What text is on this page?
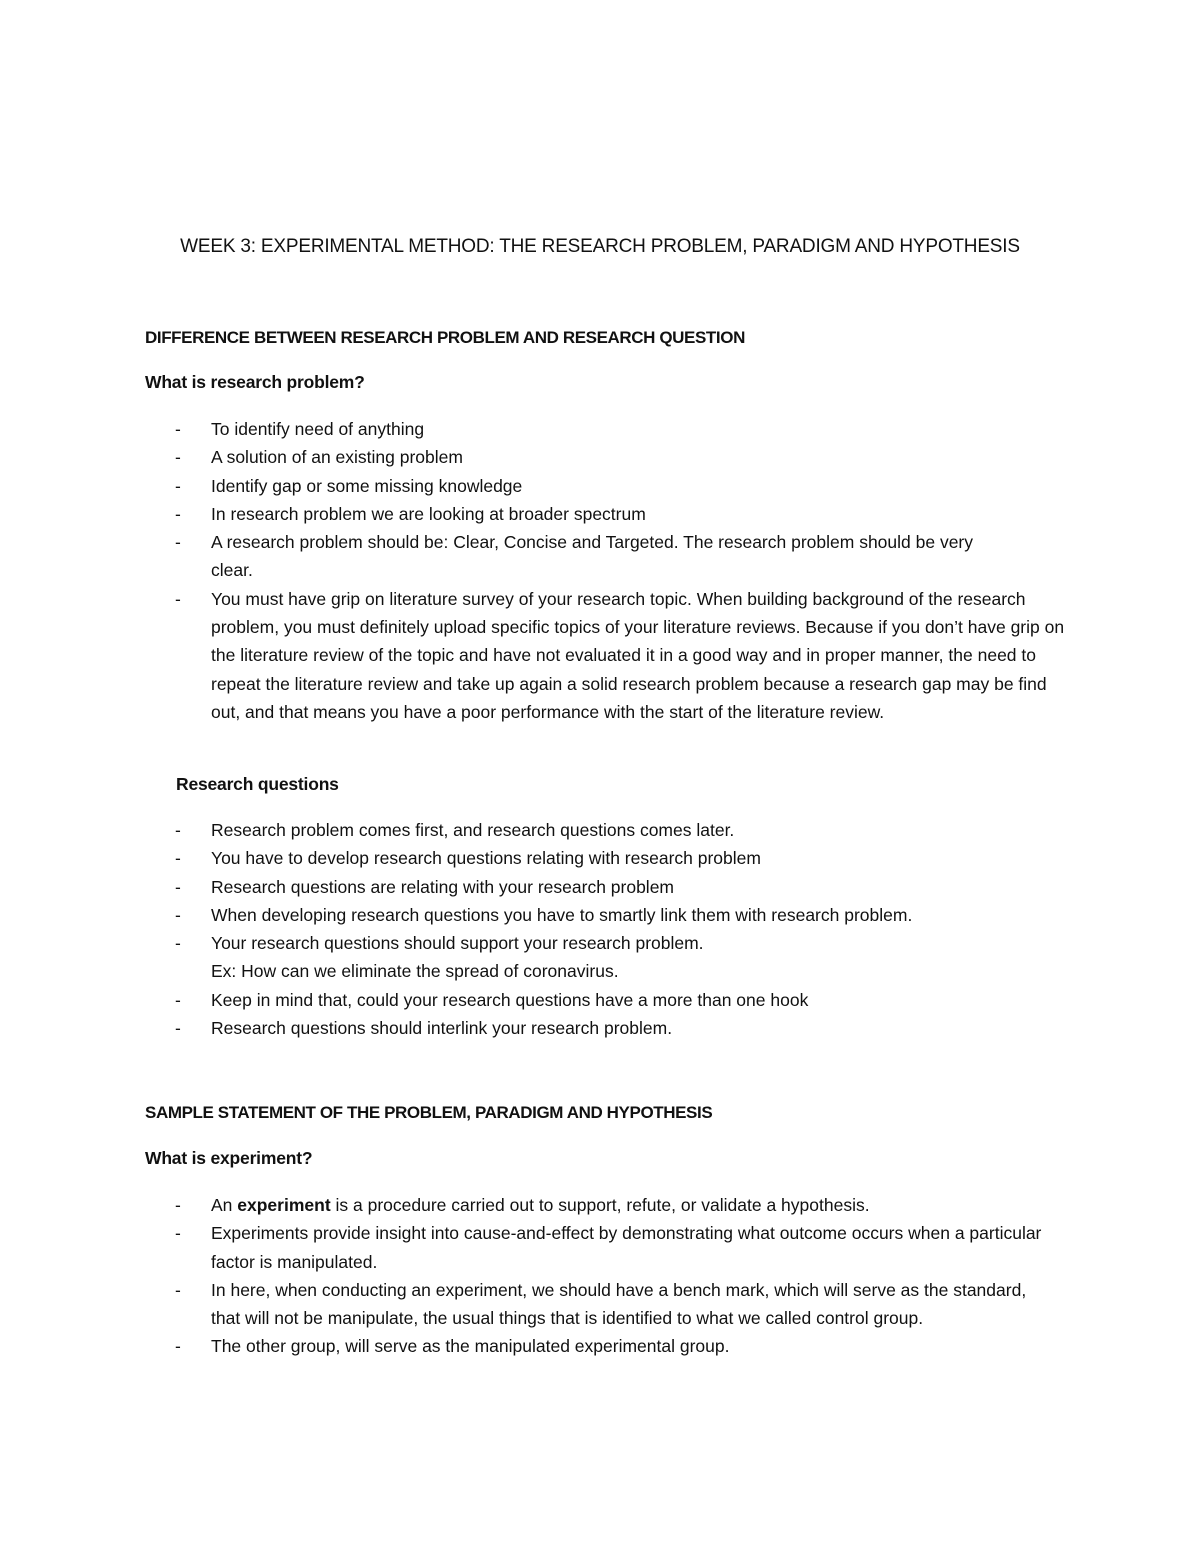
WEEK 3: EXPERIMENTAL METHOD: THE RESEARCH PROBLEM, PARADIGM AND HYPOTHESIS
DIFFERENCE BETWEEN RESEARCH PROBLEM AND RESEARCH QUESTION
What is research problem?
- To identify need of anything
- A solution of an existing problem
- Identify gap or some missing knowledge
- In research problem we are looking at broader spectrum
- A research problem should be: Clear, Concise and Targeted. The research problem should be very clear.
- You must have grip on literature survey of your research topic. When building background of the research problem, you must definitely upload specific topics of your literature reviews. Because if you don’t have grip on the literature review of the topic and have not evaluated it in a good way and in proper manner, the need to repeat the literature review and take up again a solid research problem because a research gap may be find out, and that means you have a poor performance with the start of the literature review.
Research questions
- Research problem comes first, and research questions comes later.
- You have to develop research questions relating with research problem
- Research questions are relating with your research problem
- When developing research questions you have to smartly link them with research problem.
- Your research questions should support your research problem.
Ex: How can we eliminate the spread of coronavirus.
- Keep in mind that, could your research questions have a more than one hook
- Research questions should interlink your research problem.
SAMPLE STATEMENT OF THE PROBLEM, PARADIGM AND HYPOTHESIS
What is experiment?
- An experiment is a procedure carried out to support, refute, or validate a hypothesis.
- Experiments provide insight into cause-and-effect by demonstrating what outcome occurs when a particular factor is manipulated.
- In here, when conducting an experiment, we should have a bench mark, which will serve as the standard, that will not be manipulate, the usual things that is identified to what we called control group.
- The other group, will serve as the manipulated experimental group.
